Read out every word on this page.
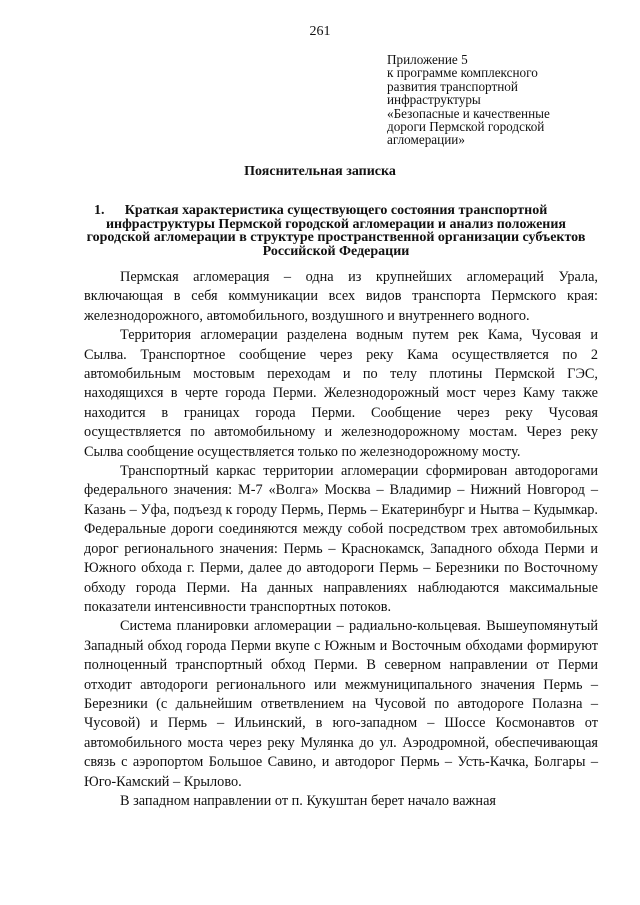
261
Приложение 5
к программе комплексного
развития транспортной
инфраструктуры
«Безопасные и качественные
дороги Пермской городской
агломерации»
Пояснительная записка
1. Краткая характеристика существующего состояния транспортной инфраструктуры Пермской городской агломерации и анализ положения городской агломерации в структуре пространственной организации субъектов Российской Федерации

Пермская агломерация – одна из крупнейших агломераций Урала, включающая в себя коммуникации всех видов транспорта Пермского края: железнодорожного, автомобильного, воздушного и внутреннего водного.

Территория агломерации разделена водным путем рек Кама, Чусовая и Сылва. Транспортное сообщение через реку Кама осуществляется по 2 автомобильным мостовым переходам и по телу плотины Пермской ГЭС, находящихся в черте города Перми. Железнодорожный мост через Каму также находится в границах города Перми. Сообщение через реку Чусовая осуществляется по автомобильному и железнодорожному мостам. Через реку Сылва сообщение осуществляется только по железнодорожному мосту.

Транспортный каркас территории агломерации сформирован автодорогами федерального значения: М-7 «Волга» Москва – Владимир – Нижний Новгород – Казань – Уфа, подъезд к городу Пермь, Пермь – Екатеринбург и Нытва – Кудымкар. Федеральные дороги соединяются между собой посредством трех автомобильных дорог регионального значения: Пермь – Краснокамск, Западного обхода Перми и Южного обхода г. Перми, далее до автодороги Пермь – Березники по Восточному обходу города Перми. На данных направлениях наблюдаются максимальные показатели интенсивности транспортных потоков.

Система планировки агломерации – радиально-кольцевая. Вышеупомянутый Западный обход города Перми вкупе с Южным и Восточным обходами формируют полноценный транспортный обход Перми. В северном направлении от Перми отходит автодороги регионального или межмуниципального значения Пермь – Березники (с дальнейшим ответвлением на Чусовой по автодороге Полазна – Чусовой) и Пермь – Ильинский, в юго-западном – Шоссе Космонавтов от автомобильного моста через реку Мулянка до ул. Аэродромной, обеспечивающая связь с аэропортом Большое Савино, и автодорог Пермь – Усть-Качка, Болгары – Юго-Камский – Крылово.

В западном направлении от п. Кукуштан берет начало важная
